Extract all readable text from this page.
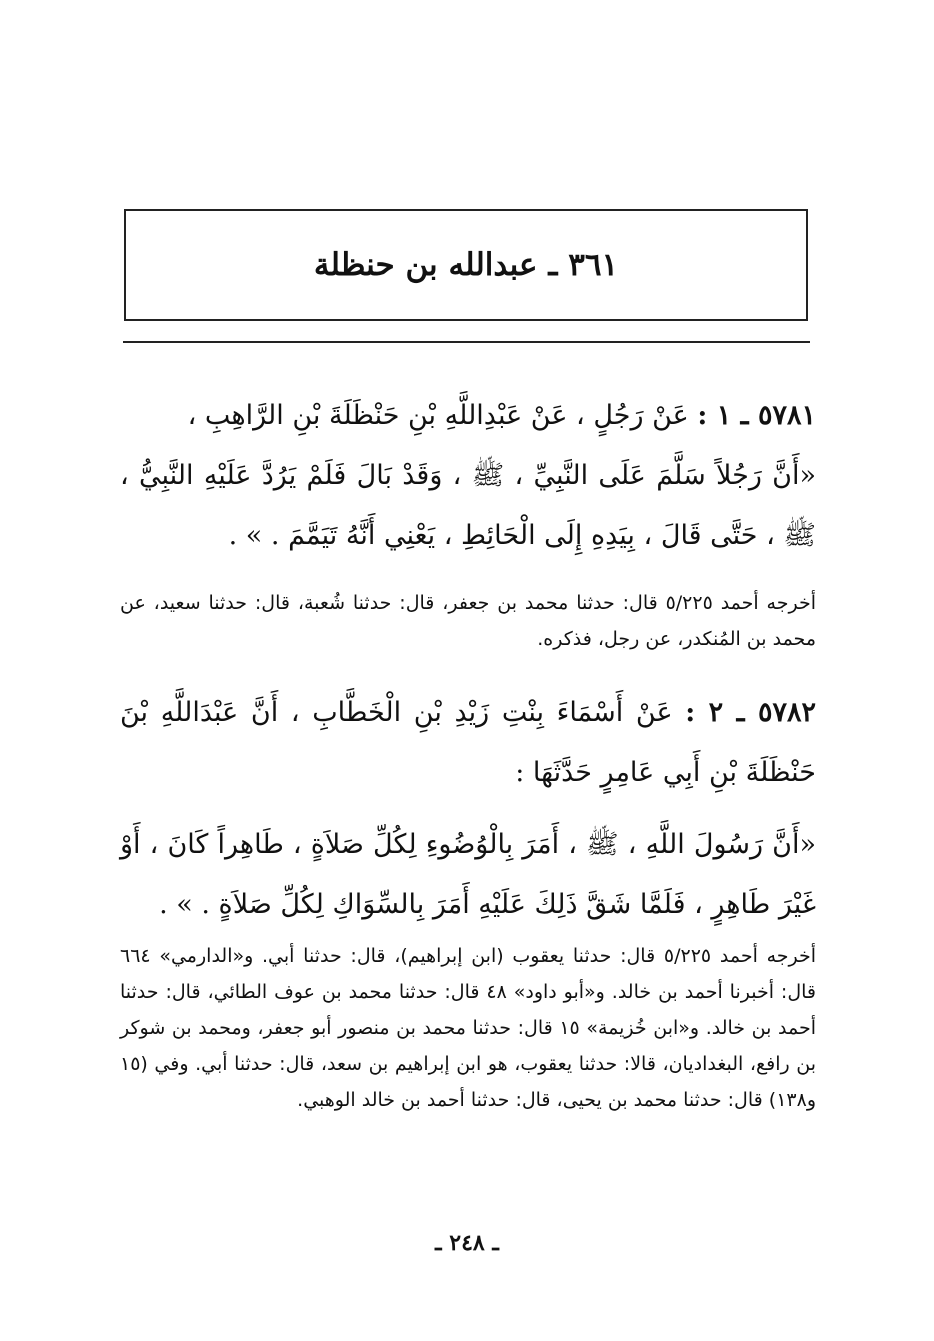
٣٦١ ـ عبدالله بن حنظلة

٥٧٨١ ـ ١ : عَنْ رَجُلٍ ، عَنْ عَبْدِاللَّهِ بْنِ حَنْظَلَةَ بْنِ الرَّاهِبِ ،

«أَنَّ رَجُلاً سَلَّمَ عَلَى النَّبِيِّ ، ﷺ ، وَقَدْ بَالَ فَلَمْ يَرُدَّ عَلَيْهِ النَّبِيُّ ، ﷺ ، حَتَّى قَالَ ، بِيَدِهِ إِلَى الْحَائِطِ ، يَعْنِي أَنَّهُ تَيَمَّمَ . » .

أخرجه أحمد ٥/٢٢٥ قال: حدثنا محمد بن جعفر، قال: حدثنا شُعبة، قال: حدثنا سعيد، عن محمد بن المُنكدر، عن رجل، فذكره.

٥٧٨٢ ـ ٢ : عَنْ أَسْمَاءَ بِنْتِ زَيْدِ بْنِ الْخَطَّابِ ، أَنَّ عَبْدَاللَّهِ بْنَ حَنْظَلَةَ بْنِ أَبِي عَامِرٍ حَدَّثَهَا :

«أَنَّ رَسُولَ اللَّهِ ، ﷺ ، أَمَرَ بِالْوُضُوءِ لِكُلِّ صَلاَةٍ ، طَاهِراً كَانَ ، أَوْ غَيْرَ طَاهِرٍ ، فَلَمَّا شَقَّ ذَلِكَ عَلَيْهِ أَمَرَ بِالسِّوَاكِ لِكُلِّ صَلاَةٍ . » .

أخرجه أحمد ٥/٢٢٥ قال: حدثنا يعقوب (ابن إبراهيم)، قال: حدثنا أبي. و«الدارمي» ٦٦٤ قال: أخبرنا أحمد بن خالد. و«أبو داود» ٤٨ قال: حدثنا محمد بن عوف الطائي، قال: حدثنا أحمد بن خالد. و«ابن خُزيمة» ١٥ قال: حدثنا محمد بن منصور أبو جعفر، ومحمد بن شوكر بن رافع، البغداديان، قالا: حدثنا يعقوب، هو ابن إبراهيم بن سعد، قال: حدثنا أبي. وفي (١٥ و١٣٨) قال: حدثنا محمد بن يحيى، قال: حدثنا أحمد بن خالد الوهبي.
ـ ٢٤٨ ـ
